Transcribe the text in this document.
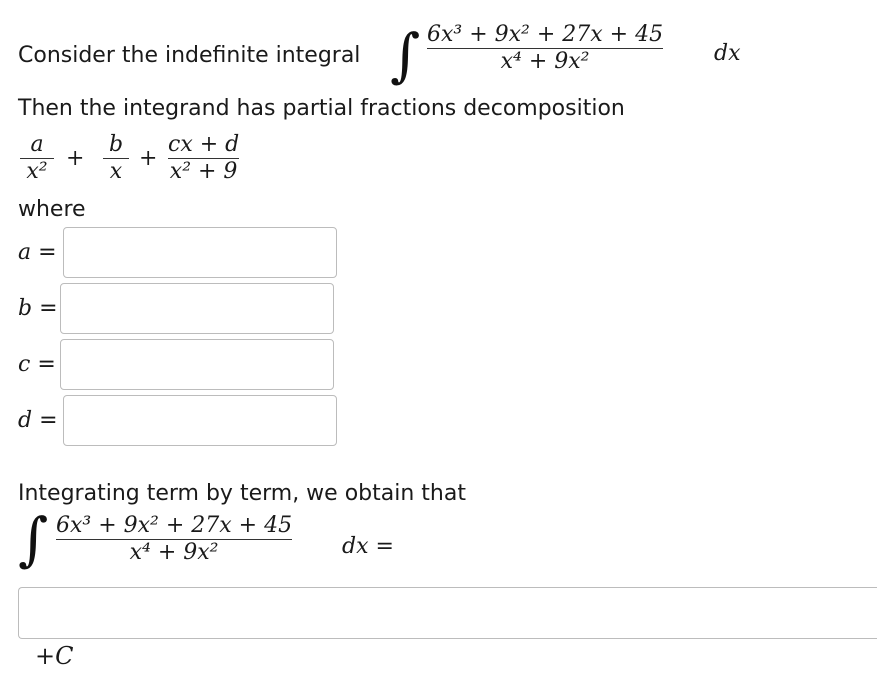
Consider the indefinite integral ∫ 6x³ + 9x² + 27x + 45
x⁴ + 9x²	dx
Then the integrand has partial fractions decomposition
a
x²
+
b
x
+
cx + d
x² + 9
where
a =
b =
c =
d =
Integrating term by term, we obtain that
∫ 6x³ + 9x² + 27x + 45
x⁴ + 9x²	dx =
+C
